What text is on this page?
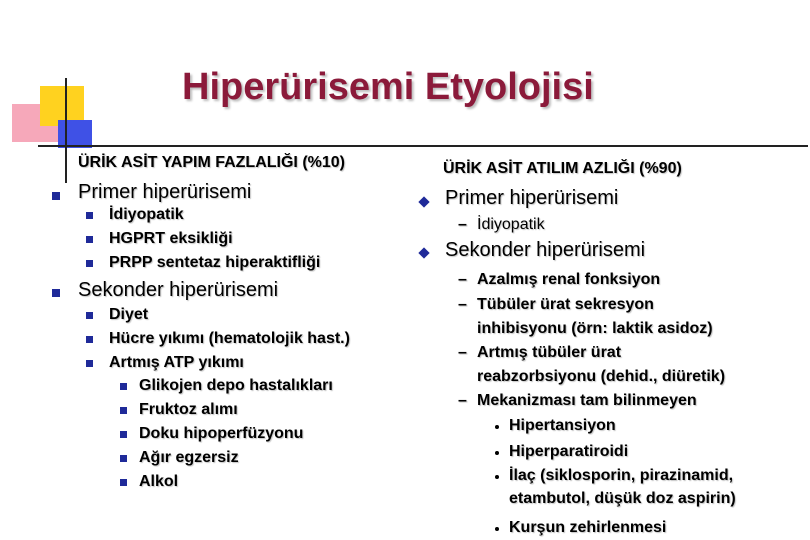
Hiperürisemi Etyolojisi
ÜRİK ASİT YAPIM FAZLALIĞI (%10)
Primer hiperürisemi
İdiyopatik
HGPRT eksikliği
PRPP sentetaz hiperaktifliği
Sekonder hiperürisemi
Diyet
Hücre yıkımı (hematolojik hast.)
Artmış ATP yıkımı
Glikojen depo hastalıkları
Fruktoz alımı
Doku hipoperfüzyonu
Ağır egzersiz
Alkol
ÜRİK ASİT ATILIM AZLIĞI (%90)
Primer hiperürisemi
– İdiyopatik
Sekonder hiperürisemi
– Azalmış renal fonksiyon
– Tübüler ürat sekresyon
inhibisyonu (örn: laktik asidoz)
– Artmış tübüler ürat
reabzorbsiyonu (dehid., diüretik)
– Mekanizması tam bilinmeyen
Hipertansiyon
Hiperparatiroidi
İlaç (siklosporin, pirazinamid,
etambutol, düşük doz aspirin)
Kurşun zehirlenmesi
